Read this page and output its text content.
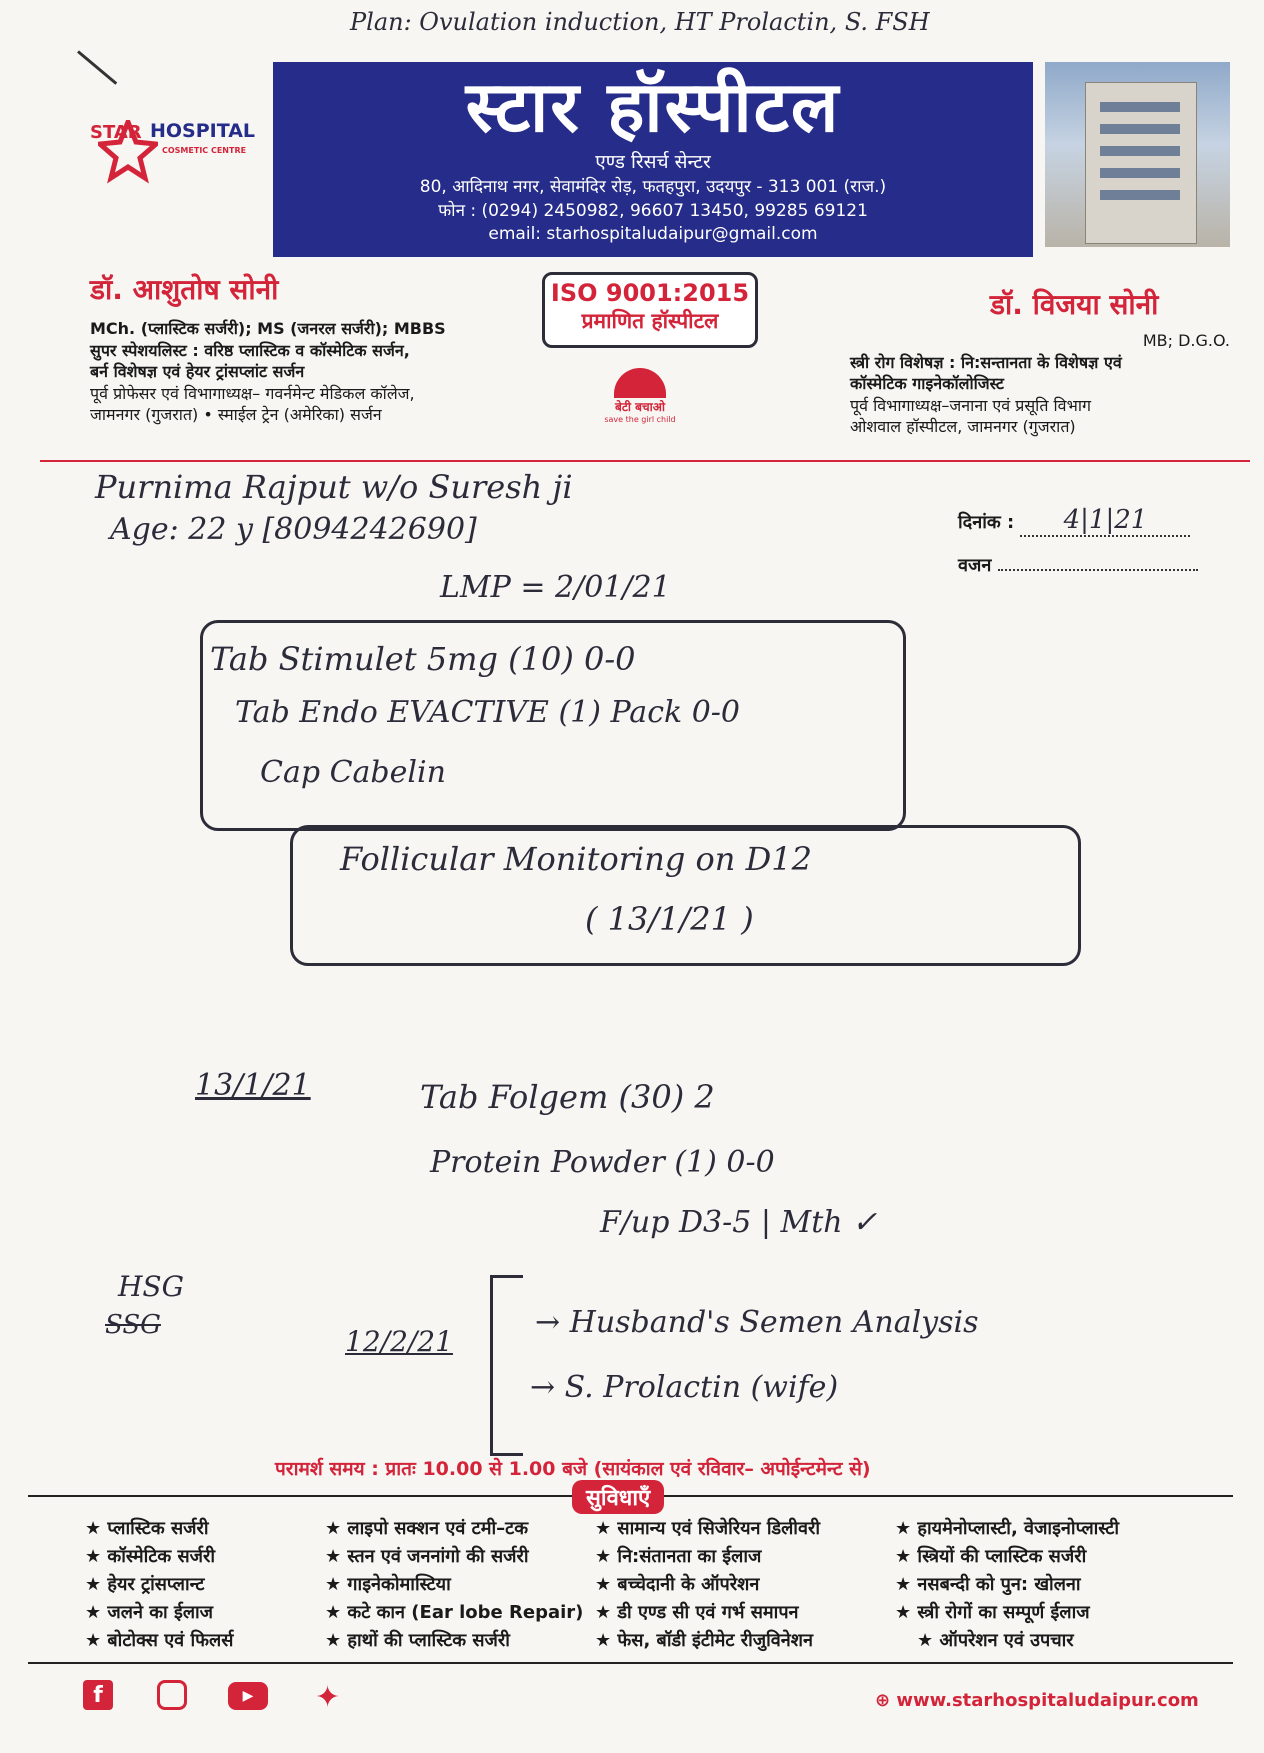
Plan: Ovulation induction, HT Prolactin, S. FSH
STAR HOSPITAL
COSMETIC CENTRE
स्टार हॉस्पीटल
एण्ड रिसर्च सेन्टर
80, आदिनाथ नगर, सेवामंदिर रोड़, फतहपुरा, उदयपुर - 313 001 (राज.)
फोन : (0294) 2450982, 96607 13450, 99285 69121
email: starhospitaludaipur@gmail.com
डॉ. आशुतोष सोनी
MCh. (प्लास्टिक सर्जरी); MS (जनरल सर्जरी); MBBS
सुपर स्पेशयलिस्ट : वरिष्ठ प्लास्टिक व कॉस्मेटिक सर्जन,
बर्न विशेषज्ञ एवं हेयर ट्रांसप्लांट सर्जन
पूर्व प्रोफेसर एवं विभागाध्यक्ष– गवर्नमेन्ट मेडिकल कॉलेज,
जामनगर (गुजरात) • स्माईल ट्रेन (अमेरिका) सर्जन
ISO 9001:2015
प्रमाणित हॉस्पीटल
बेटी बचाओ
save the girl child
डॉ. विजया सोनी
MB; D.G.O.
स्त्री रोग विशेषज्ञ : नि:सन्तानता के विशेषज्ञ एवं
कॉस्मेटिक गाइनेकॉलोजिस्ट
पूर्व विभागाध्यक्ष–जनाना एवं प्रसूति विभाग
ओशवाल हॉस्पीटल, जामनगर (गुजरात)
दिनांक : 4|1|21
वजन
Purnima Rajput w/o Suresh ji
Age: 22 y [8094242690]
LMP = 2/01/21
Tab Stimulet 5mg (10) 0-0
Tab Endo EVACTIVE (1) Pack 0-0
Cap Cabelin
Follicular Monitoring on D12
( 13/1/21 )
13/1/21	Tab Folgem (30) 2
Protein Powder (1) 0-0
F/up D3-5 | Mth ✓
HSG
SSG	12/2/21
→ Husband's Semen Analysis
→ S. Prolactin (wife)
परामर्श समय : प्रातः 10.00 से 1.00 बजे (सायंकाल एवं रविवार– अपोईन्टमेन्ट से)
सुविधाएँ
★ प्लास्टिक सर्जरी
★ कॉस्मेटिक सर्जरी
★ हेयर ट्रांसप्लान्ट
★ जलने का ईलाज
★ बोटोक्स एवं फिलर्स
★ लाइपो सक्शन एवं टमी–टक
★ स्तन एवं जननांगो की सर्जरी
★ गाइनेकोमास्टिया
★ कटे कान (Ear lobe Repair)
★ हाथों की प्लास्टिक सर्जरी
★ सामान्य एवं सिजेरियन डिलीवरी
★ नि:संतानता का ईलाज
★ बच्चेदानी के ऑपरेशन
★ डी एण्ड सी एवं गर्भ समापन
★ फेस, बॉडी इंटीमेट रीजुविनेशन
★ हायमेनोप्लास्टी, वेजाइनोप्लास्टी
★ स्त्रियों की प्लास्टिक सर्जरी
★ नसबन्दी को पुन: खोलना
★ स्त्री रोगों का सम्पूर्ण ईलाज
★ ऑपरेशन एवं उपचार
f	▶	✦	⊕ www.starhospitaludaipur.com
